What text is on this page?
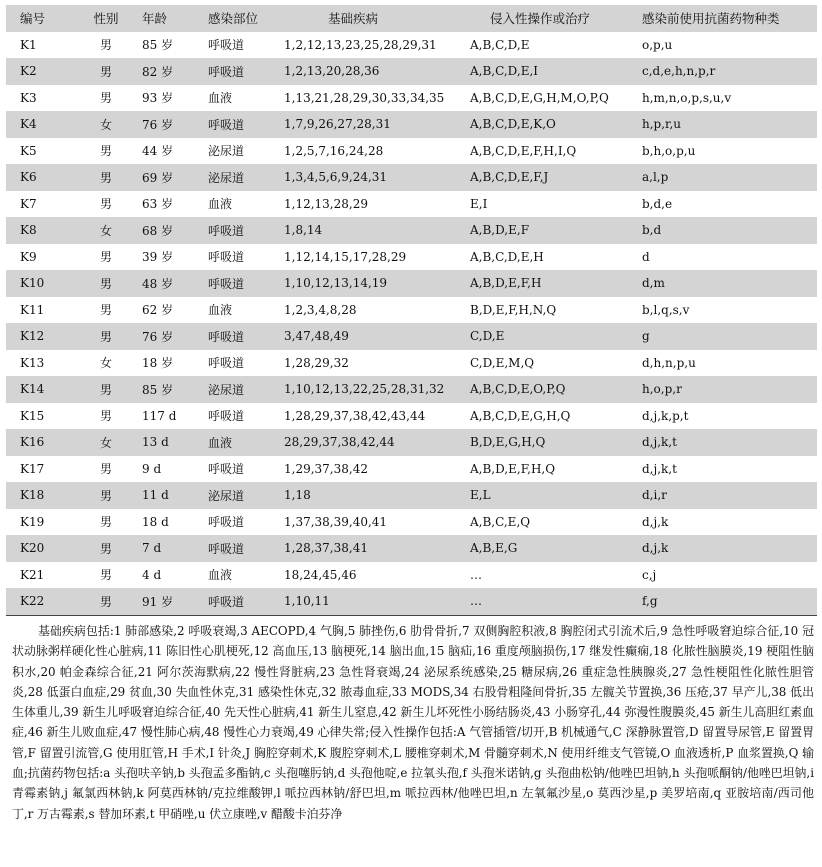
编号	性别	年龄	感染部位	基础疾病	侵入性操作或治疗	感染前使用抗菌药物种类
K1	男	85 岁	呼吸道	1,2,12,13,23,25,28,29,31	A,B,C,D,E	o,p,u
K2	男	82 岁	呼吸道	1,2,13,20,28,36	A,B,C,D,E,I	c,d,e,h,n,p,r
K3	男	93 岁	血液	1,13,21,28,29,30,33,34,35	A,B,C,D,E,G,H,M,O,P,Q	h,m,n,o,p,s,u,v
K4	女	76 岁	呼吸道	1,7,9,26,27,28,31	A,B,C,D,E,K,O	h,p,r,u
K5	男	44 岁	泌尿道	1,2,5,7,16,24,28	A,B,C,D,E,F,H,I,Q	b,h,o,p,u
K6	男	69 岁	泌尿道	1,3,4,5,6,9,24,31	A,B,C,D,E,F,J	a,l,p
K7	男	63 岁	血液	1,12,13,28,29	E,I	b,d,e
K8	女	68 岁	呼吸道	1,8,14	A,B,D,E,F	b,d
K9	男	39 岁	呼吸道	1,12,14,15,17,28,29	A,B,C,D,E,H	d
K10	男	48 岁	呼吸道	1,10,12,13,14,19	A,B,D,E,F,H	d,m
K11	男	62 岁	血液	1,2,3,4,8,28	B,D,E,F,H,N,Q	b,l,q,s,v
K12	男	76 岁	呼吸道	3,47,48,49	C,D,E	g
K13	女	18 岁	呼吸道	1,28,29,32	C,D,E,M,Q	d,h,n,p,u
K14	男	85 岁	泌尿道	1,10,12,13,22,25,28,31,32	A,B,C,D,E,O,P,Q	h,o,p,r
K15	男	117 d	呼吸道	1,28,29,37,38,42,43,44	A,B,C,D,E,G,H,Q	d,j,k,p,t
K16	女	13 d	血液	28,29,37,38,42,44	B,D,E,G,H,Q	d,j,k,t
K17	男	9 d	呼吸道	1,29,37,38,42	A,B,D,E,F,H,Q	d,j,k,t
K18	男	11 d	泌尿道	1,18	E,L	d,i,r
K19	男	18 d	呼吸道	1,37,38,39,40,41	A,B,C,E,Q	d,j,k
K20	男	7 d	呼吸道	1,28,37,38,41	A,B,E,G	d,j,k
K21	男	4 d	血液	18,24,45,46	…	c,j
K22	男	91 岁	呼吸道	1,10,11	…	f,g

基础疾病包括:1 肺部感染,2 呼吸衰竭,3 AECOPD,4 气胸,5 肺挫伤,6 肋骨骨折,7 双侧胸腔积液,8 胸腔闭式引流术后,9 急性呼吸窘迫综合征,10 冠状动脉粥样硬化性心脏病,11 陈旧性心肌梗死,12 高血压,13 脑梗死,14 脑出血,15 脑疝,16 重度颅脑损伤,17 继发性癫痫,18 化脓性脑膜炎,19 梗阻性脑积水,20 帕金森综合征,21 阿尔茨海默病,22 慢性肾脏病,23 急性肾衰竭,24 泌尿系统感染,25 糖尿病,26 重症急性胰腺炎,27 急性梗阻性化脓性胆管炎,28 低蛋白血症,29 贫血,30 失血性休克,31 感染性休克,32 脓毒血症,33 MODS,34 右股骨粗隆间骨折,35 左髋关节置换,36 压疮,37 早产儿,38 低出生体重儿,39 新生儿呼吸窘迫综合征,40 先天性心脏病,41 新生儿窒息,42 新生儿坏死性小肠结肠炎,43 小肠穿孔,44 弥漫性腹膜炎,45 新生儿高胆红素血症,46 新生儿败血症,47 慢性肺心病,48 慢性心力衰竭,49 心律失常;侵入性操作包括:A 气管插管/切开,B 机械通气,C 深静脉置管,D 留置导尿管,E 留置胃管,F 留置引流管,G 使用肛管,H 手术,I 针灸,J 胸腔穿刺术,K 腹腔穿刺术,L 腰椎穿刺术,M 骨髓穿刺术,N 使用纤维支气管镜,O 血液透析,P 血浆置换,Q 输血;抗菌药物包括:a 头孢呋辛钠,b 头孢孟多酯钠,c 头孢噻肟钠,d 头孢他啶,e 拉氧头孢,f 头孢米诺钠,g 头孢曲松钠/他唑巴坦钠,h 头孢哌酮钠/他唑巴坦钠,i 青霉素钠,j 氟氯西林钠,k 阿莫西林钠/克拉维酸钾,l 哌拉西林钠/舒巴坦,m 哌拉西林/他唑巴坦,n 左氧氟沙星,o 莫西沙星,p 美罗培南,q 亚胺培南/西司他丁,r 万古霉素,s 替加环素,t 甲硝唑,u 伏立康唑,v 醋酸卡泊芬净
